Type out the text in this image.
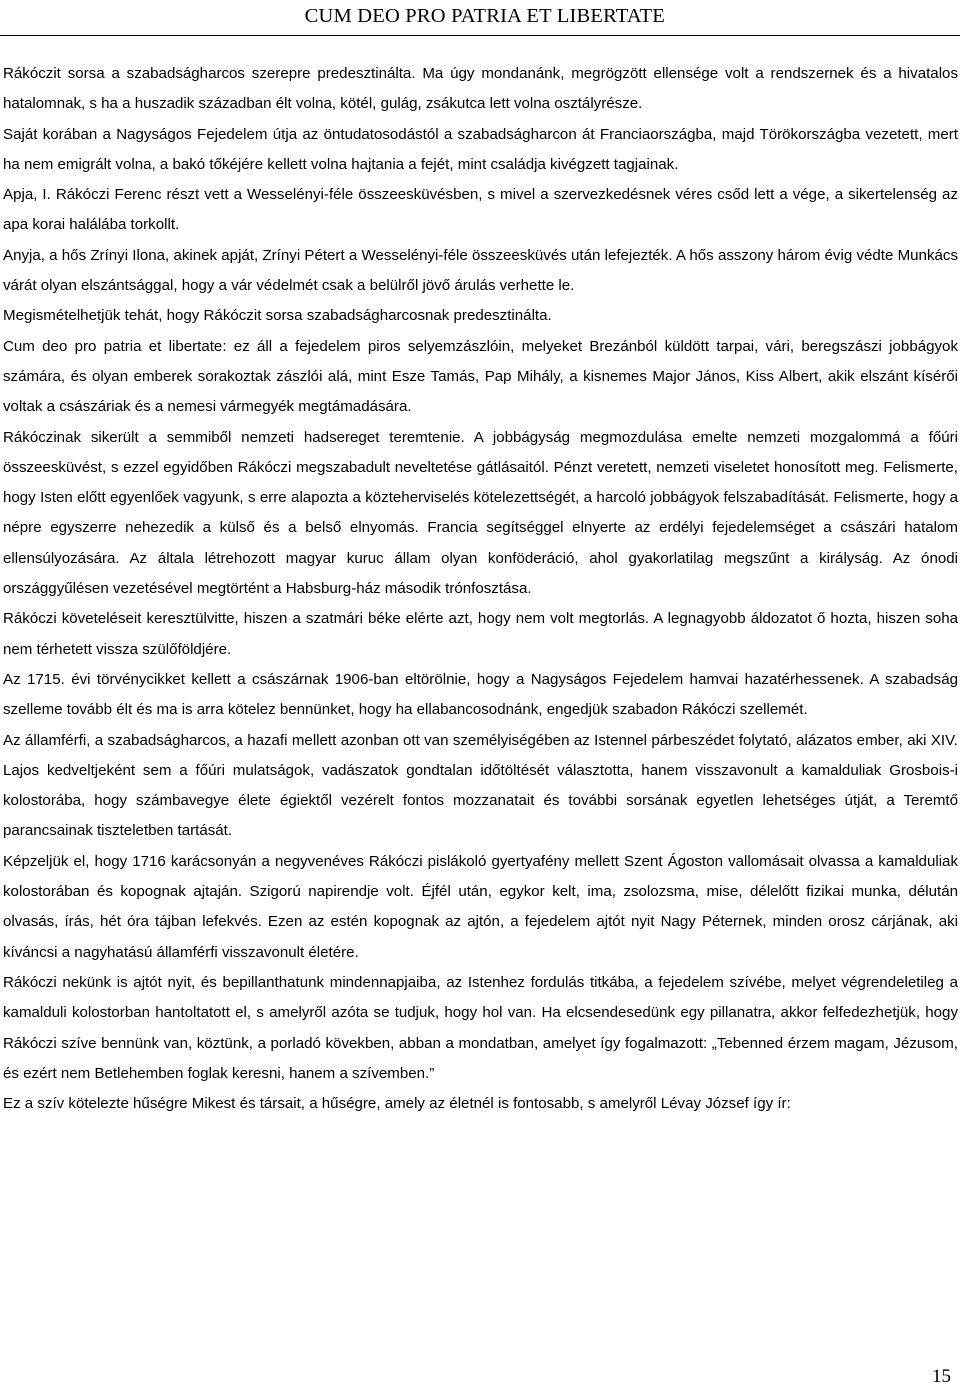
CUM DEO PRO PATRIA ET LIBERTATE

Rákóczit sorsa a szabadságharcos szerepre predesztinálta. Ma úgy mondanánk, megrögzött ellensége volt a rendszernek és a hivatalos hatalomnak, s ha a huszadik században élt volna, kötél, gulág, zsákutca lett volna osztályrésze.

Saját korában a Nagyságos Fejedelem útja az öntudatosodástól a szabadságharcon át Franciaországba, majd Törökországba vezetett, mert ha nem emigrált volna, a bakó tőkéjére kellett volna hajtania a fejét, mint családja kivégzett tagjainak.

Apja, I. Rákóczi Ferenc részt vett a Wesselényi-féle összeesküvésben, s mivel a szervezkedésnek véres csőd lett a vége, a sikertelenség az apa korai halálába torkollt.

Anyja, a hős Zrínyi Ilona, akinek apját, Zrínyi Pétert a Wesselényi-féle összeesküvés után lefejezték. A hős asszony három évig védte Munkács várát olyan elszántsággal, hogy a vár védelmét csak a belülről jövő árulás verhette le.

Megismételhetjük tehát, hogy Rákóczit sorsa szabadságharcosnak predesztinálta.

Cum deo pro patria et libertate: ez áll a fejedelem piros selyemzászlóin, melyeket Brezánból küldött tarpai, vári, beregszászi jobbágyok számára, és olyan emberek sorakoztak zászlói alá, mint Esze Tamás, Pap Mihály, a kisnemes Major János, Kiss Albert, akik elszánt kísérői voltak a császáriak és a nemesi vármegyék megtámadására.

Rákóczinak sikerült a semmiből nemzeti hadsereget teremtenie. A jobbágyság megmozdulása emelte nemzeti mozgalommá a főúri összeesküvést, s ezzel egyidőben Rákóczi megszabadult neveltetése gátlásaitól. Pénzt veretett, nemzeti viseletet honosított meg. Felismerte, hogy Isten előtt egyenlőek vagyunk, s erre alapozta a közteherviselés kötelezettségét, a harcoló jobbágyok felszabadítását. Felismerte, hogy a népre egyszerre nehezedik a külső és a belső elnyomás. Francia segítséggel elnyerte az erdélyi fejedelemséget a császári hatalom ellensúlyozására. Az általa létrehozott magyar kuruc állam olyan konföderáció, ahol gyakorlatilag megszűnt a királyság. Az ónodi országgyűlésen vezetésével megtörtént a Habsburg-ház második trónfosztása.

Rákóczi követeléseit keresztülvitte, hiszen a szatmári béke elérte azt, hogy nem volt megtorlás. A legnagyobb áldozatot ő hozta, hiszen soha nem térhetett vissza szülőföldjére.

Az 1715. évi törvénycikket kellett a császárnak 1906-ban eltörölnie, hogy a Nagyságos Fejedelem hamvai hazatérhessenek. A szabadság szelleme tovább élt és ma is arra kötelez bennünket, hogy ha ellabancosodnánk, engedjük szabadon Rákóczi szellemét.

Az államférfi, a szabadságharcos, a hazafi mellett azonban ott van személyiségében az Istennel párbeszédet folytató, alázatos ember, aki XIV. Lajos kedveltjeként sem a főúri mulatságok, vadászatok gondtalan időtöltését választotta, hanem visszavonult a kamalduliak Grosbois-i kolostorába, hogy számbavegye élete égiektől vezérelt fontos mozzanatait és további sorsának egyetlen lehetséges útját, a Teremtő parancsainak tiszteletben tartását.

Képzeljük el, hogy 1716 karácsonyán a negyvenéves Rákóczi pislákoló gyertyafény mellett Szent Ágoston vallomásait olvassa a kamalduliak kolostorában és kopognak ajtaján. Szigorú napirendje volt. Éjfél után, egykor kelt, ima, zsolozsma, mise, délelőtt fizikai munka, délután olvasás, írás, hét óra tájban lefekvés. Ezen az estén kopognak az ajtón, a fejedelem ajtót nyit Nagy Péternek, minden orosz cárjának, aki kíváncsi a nagyhatású államférfi visszavonult életére.

Rákóczi nekünk is ajtót nyit, és bepillanthatunk mindennapjaiba, az Istenhez fordulás titkába, a fejedelem szívébe, melyet végrendeletileg a kamalduli kolostorban hantoltatott el, s amelyről azóta se tudjuk, hogy hol van. Ha elcsendesedünk egy pillanatra, akkor felfedezhetjük, hogy Rákóczi szíve bennünk van, köztünk, a porladó kövekben, abban a mondatban, amelyet így fogalmazott: „Tebenned érzem magam, Jézusom, és ezért nem Betlehemben foglak keresni, hanem a szívemben.”

Ez a szív kötelezte hűségre Mikest és társait, a hűségre, amely az életnél is fontosabb, s amelyről Lévay József így ír:

15
